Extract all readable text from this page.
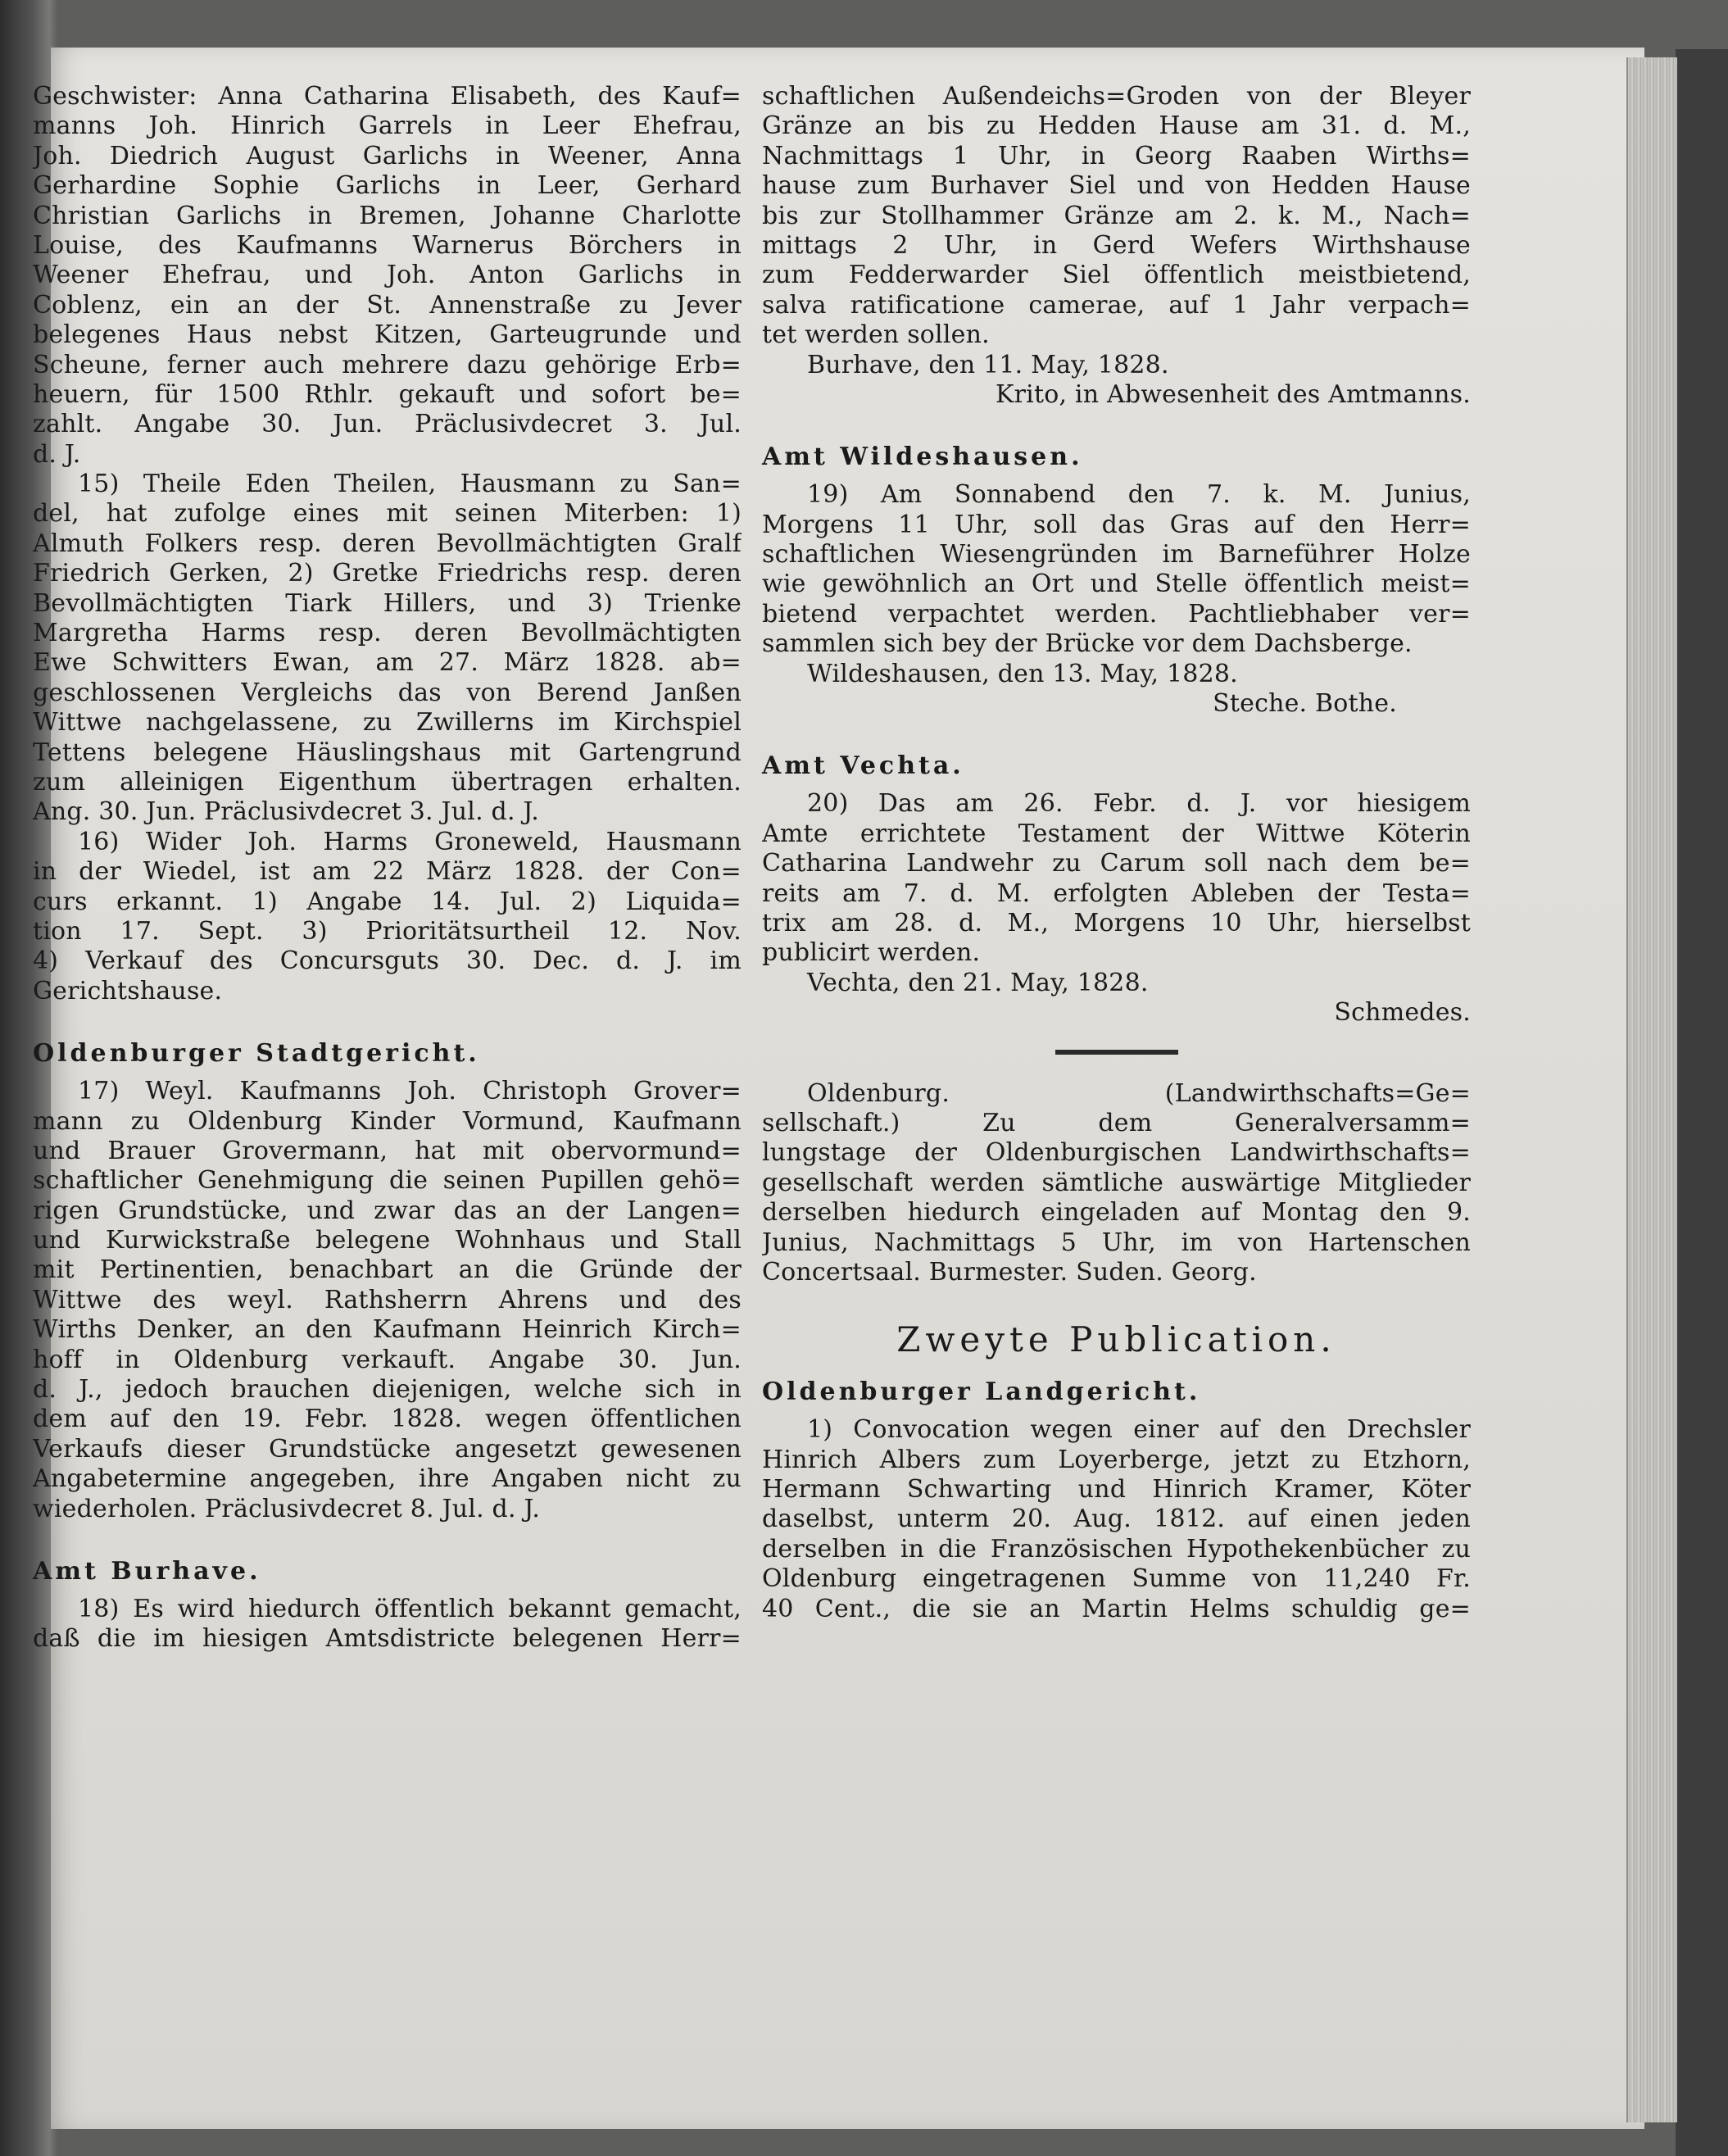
Geschwister: Anna Catharina Elisabeth, des Kauf=
manns Joh. Hinrich Garrels in Leer Ehefrau,
Joh. Diedrich August Garlichs in Weener, Anna
Gerhardine Sophie Garlichs in Leer, Gerhard
Christian Garlichs in Bremen, Johanne Charlotte
Louise, des Kaufmanns Warnerus Börchers in
Weener Ehefrau, und Joh. Anton Garlichs in
Coblenz, ein an der St. Annenstraße zu Jever
belegenes Haus nebst Kitzen, Garteugrunde und
Scheune, ferner auch mehrere dazu gehörige Erb=
heuern, für 1500 Rthlr. gekauft und sofort be=
zahlt. Angabe 30. Jun. Präclusivdecret 3. Jul.
d. J.
15) Theile Eden Theilen, Hausmann zu San=
del, hat zufolge eines mit seinen Miterben: 1)
Almuth Folkers resp. deren Bevollmächtigten Gralf
Friedrich Gerken, 2) Gretke Friedrichs resp. deren
Bevollmächtigten Tiark Hillers, und 3) Trienke
Margretha Harms resp. deren Bevollmächtigten
Ewe Schwitters Ewan, am 27. März 1828. ab=
geschlossenen Vergleichs das von Berend Janßen
Wittwe nachgelassene, zu Zwillerns im Kirchspiel
Tettens belegene Häuslingshaus mit Gartengrund
zum alleinigen Eigenthum übertragen erhalten.
Ang. 30. Jun. Präclusivdecret 3. Jul. d. J.
16) Wider Joh. Harms Groneweld, Hausmann
in der Wiedel, ist am 22 März 1828. der Con=
curs erkannt. 1) Angabe 14. Jul. 2) Liquida=
tion 17. Sept. 3) Prioritätsurtheil 12. Nov.
4) Verkauf des Concursguts 30. Dec. d. J. im
Gerichtshause.
Oldenburger Stadtgericht.
17) Weyl. Kaufmanns Joh. Christoph Grover=
mann zu Oldenburg Kinder Vormund, Kaufmann
und Brauer Grovermann, hat mit obervormund=
schaftlicher Genehmigung die seinen Pupillen gehö=
rigen Grundstücke, und zwar das an der Langen=
und Kurwickstraße belegene Wohnhaus und Stall
mit Pertinentien, benachbart an die Gründe der
Wittwe des weyl. Rathsherrn Ahrens und des
Wirths Denker, an den Kaufmann Heinrich Kirch=
hoff in Oldenburg verkauft. Angabe 30. Jun.
d. J., jedoch brauchen diejenigen, welche sich in
dem auf den 19. Febr. 1828. wegen öffentlichen
Verkaufs dieser Grundstücke angesetzt gewesenen
Angabetermine angegeben, ihre Angaben nicht zu
wiederholen. Präclusivdecret 8. Jul. d. J.
Amt Burhave.
18) Es wird hiedurch öffentlich bekannt gemacht,
daß die im hiesigen Amtsdistricte belegenen Herr=
schaftlichen Außendeichs=Groden von der Bleyer
Gränze an bis zu Hedden Hause am 31. d. M.,
Nachmittags 1 Uhr, in Georg Raaben Wirths=
hause zum Burhaver Siel und von Hedden Hause
bis zur Stollhammer Gränze am 2. k. M., Nach=
mittags 2 Uhr, in Gerd Wefers Wirthshause
zum Fedderwarder Siel öffentlich meistbietend,
salva ratificatione camerae, auf 1 Jahr verpach=
tet werden sollen.
Burhave, den 11. May, 1828.
Krito, in Abwesenheit des Amtmanns.
Amt Wildeshausen.
19) Am Sonnabend den 7. k. M. Junius,
Morgens 11 Uhr, soll das Gras auf den Herr=
schaftlichen Wiesengründen im Barneführer Holze
wie gewöhnlich an Ort und Stelle öffentlich meist=
bietend verpachtet werden. Pachtliebhaber ver=
sammlen sich bey der Brücke vor dem Dachsberge.
Wildeshausen, den 13. May, 1828.
Steche. Bothe.
Amt Vechta.
20) Das am 26. Febr. d. J. vor hiesigem
Amte errichtete Testament der Wittwe Köterin
Catharina Landwehr zu Carum soll nach dem be=
reits am 7. d. M. erfolgten Ableben der Testa=
trix am 28. d. M., Morgens 10 Uhr, hierselbst
publicirt werden.
Vechta, den 21. May, 1828.
Schmedes.
Oldenburg. (Landwirthschafts=Ge=
sellschaft.) Zu dem Generalversamm=
lungstage der Oldenburgischen Landwirthschafts=
gesellschaft werden sämtliche auswärtige Mitglieder
derselben hiedurch eingeladen auf Montag den 9.
Junius, Nachmittags 5 Uhr, im von Hartenschen
Concertsaal. Burmester. Suden. Georg.
Zweyte Publication.
Oldenburger Landgericht.
1) Convocation wegen einer auf den Drechsler
Hinrich Albers zum Loyerberge, jetzt zu Etzhorn,
Hermann Schwarting und Hinrich Kramer, Köter
daselbst, unterm 20. Aug. 1812. auf einen jeden
derselben in die Französischen Hypothekenbücher zu
Oldenburg eingetragenen Summe von 11,240 Fr.
40 Cent., die sie an Martin Helms schuldig ge=
